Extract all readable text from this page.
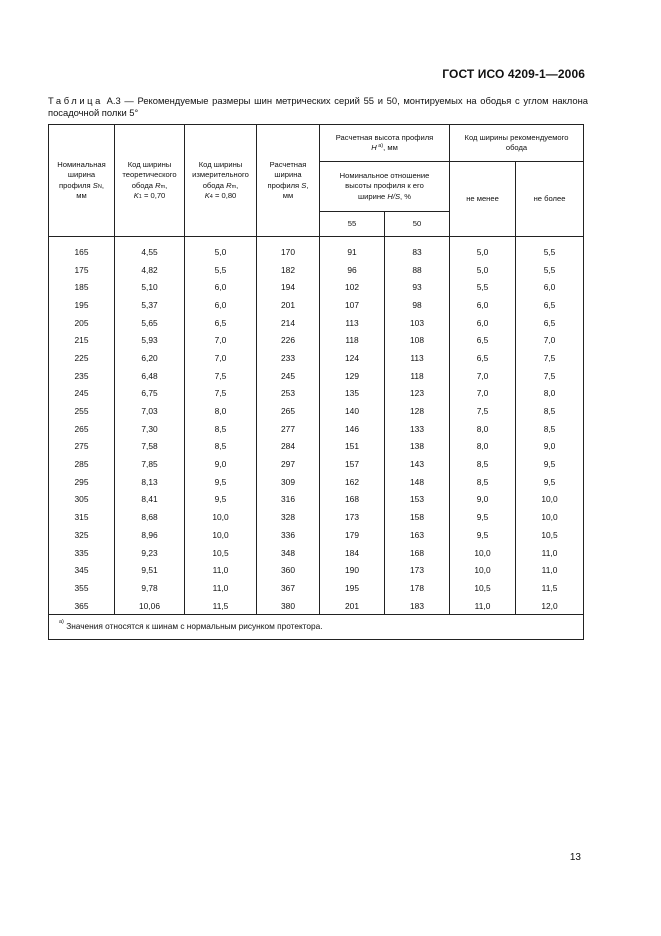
ГОСТ ИСО 4209-1—2006
Таблица А.3 — Рекомендуемые размеры шин метрических серий 55 и 50, монтируемых на ободья с углом наклона посадочной полки 5°
Номинальная
ширина
профиля $S_N$,
мм	Код ширины
теоретического
обода $R_m$,
$K_1 = 0,70$	Код ширины
измерительного
обода $R_m$,
$K_4 = 0,80$	Расчетная
ширина
профиля S,
мм	Расчетная высота профиля
H $^{а)}$, мм		Код ширины рекомендуемого
обода	
				Номинальное отношение
высоты профиля к его
ширине H/S, %		не менее	не более
				55	50		

165	4,55	5,0	170	91	83	5,0	5,5
175	4,82	5,5	182	96	88	5,0	5,5
185	5,10	6,0	194	102	93	5,5	6,0
195	5,37	6,0	201	107	98	6,0	6,5
205	5,65	6,5	214	113	103	6,0	6,5
215	5,93	7,0	226	118	108	6,5	7,0
225	6,20	7,0	233	124	113	6,5	7,5
235	6,48	7,5	245	129	118	7,0	7,5
245	6,75	7,5	253	135	123	7,0	8,0
255	7,03	8,0	265	140	128	7,5	8,5
265	7,30	8,5	277	146	133	8,0	8,5
275	7,58	8,5	284	151	138	8,0	9,0
285	7,85	9,0	297	157	143	8,5	9,5
295	8,13	9,5	309	162	148	8,5	9,5
305	8,41	9,5	316	168	153	9,0	10,0
315	8,68	10,0	328	173	158	9,5	10,0
325	8,96	10,0	336	179	163	9,5	10,5
335	9,23	10,5	348	184	168	10,0	11,0
345	9,51	11,0	360	190	173	10,0	11,0
355	9,78	11,0	367	195	178	10,5	11,5
365	10,06	11,5	380	201	183	11,0	12,0
$^{а)}$ Значения относятся к шинам с нормальным рисунком протектора.							
13
